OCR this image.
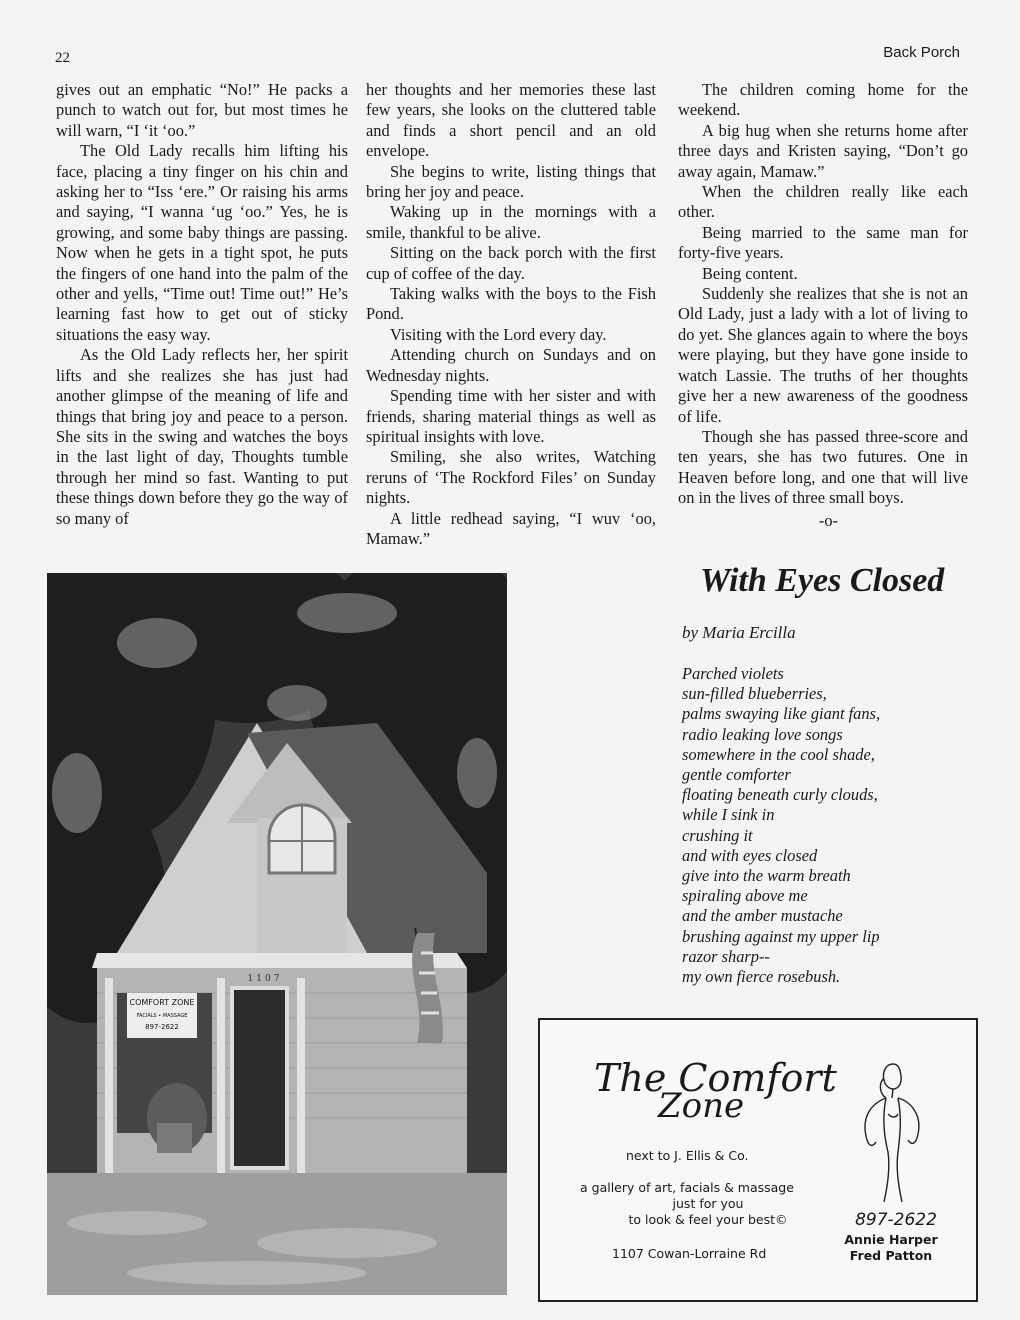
22	Back Porch

gives out an emphatic “No!” He packs a punch to watch out for, but most times he will warn, “I ‘it ‘oo.”

The Old Lady recalls him lifting his face, placing a tiny finger on his chin and asking her to “Iss ‘ere.” Or raising his arms and saying, “I wanna ‘ug ‘oo.” Yes, he is growing, and some baby things are passing. Now when he gets in a tight spot, he puts the fingers of one hand into the palm of the other and yells, “Time out! Time out!” He’s learning fast how to get out of sticky situations the easy way.

As the Old Lady reflects her, her spirit lifts and she realizes she has just had another glimpse of the meaning of life and things that bring joy and peace to a person. She sits in the swing and watches the boys in the last light of day, Thoughts tumble through her mind so fast. Wanting to put these things down before they go the way of so many of

her thoughts and her memories these last few years, she looks on the cluttered table and finds a short pencil and an old envelope.

She begins to write, listing things that bring her joy and peace.

Waking up in the mornings with a smile, thankful to be alive.

Sitting on the back porch with the first cup of coffee of the day.

Taking walks with the boys to the Fish Pond.

Visiting with the Lord every day.

Attending church on Sundays and on Wednesday nights.

Spending time with her sister and with friends, sharing material things as well as spiritual insights with love.

Smiling, she also writes, Watching reruns of ‘The Rockford Files’ on Sunday nights.

A little redhead saying, “I wuv ‘oo, Mamaw.”

The children coming home for the weekend.

A big hug when she returns home after three days and Kristen saying, “Don’t go away again, Mamaw.”

When the children really like each other.

Being married to the same man for forty-five years.

Being content.

Suddenly she realizes that she is not an Old Lady, just a lady with a lot of living to do yet. She glances again to where the boys were playing, but they have gone inside to watch Lassie. The truths of her thoughts give her a new awareness of the goodness of life.

Though she has passed three-score and ten years, she has two futures. One in Heaven before long, and one that will live on in the lives of three small boys.

-o-
COMFORT ZONE
FACIALS • MASSAGE
897-2622
1107
With Eyes Closed
by Maria Ercilla
Parched violets
sun-filled blueberries,
palms swaying like giant fans,
radio leaking love songs
somewhere in the cool shade,
gentle comforter
floating beneath curly clouds,
while I sink in
crushing it
and with eyes closed
give into the warm breath
spiraling above me
and the amber mustache
brushing against my upper lip
razor sharp--
my own fierce rosebush.
The Comfort
Zone
next to J. Ellis & Co.
a gallery of art, facials & massage
just for you
to look & feel your best©
1107 Cowan-Lorraine Rd
897-2622
Annie Harper
Fred Patton
